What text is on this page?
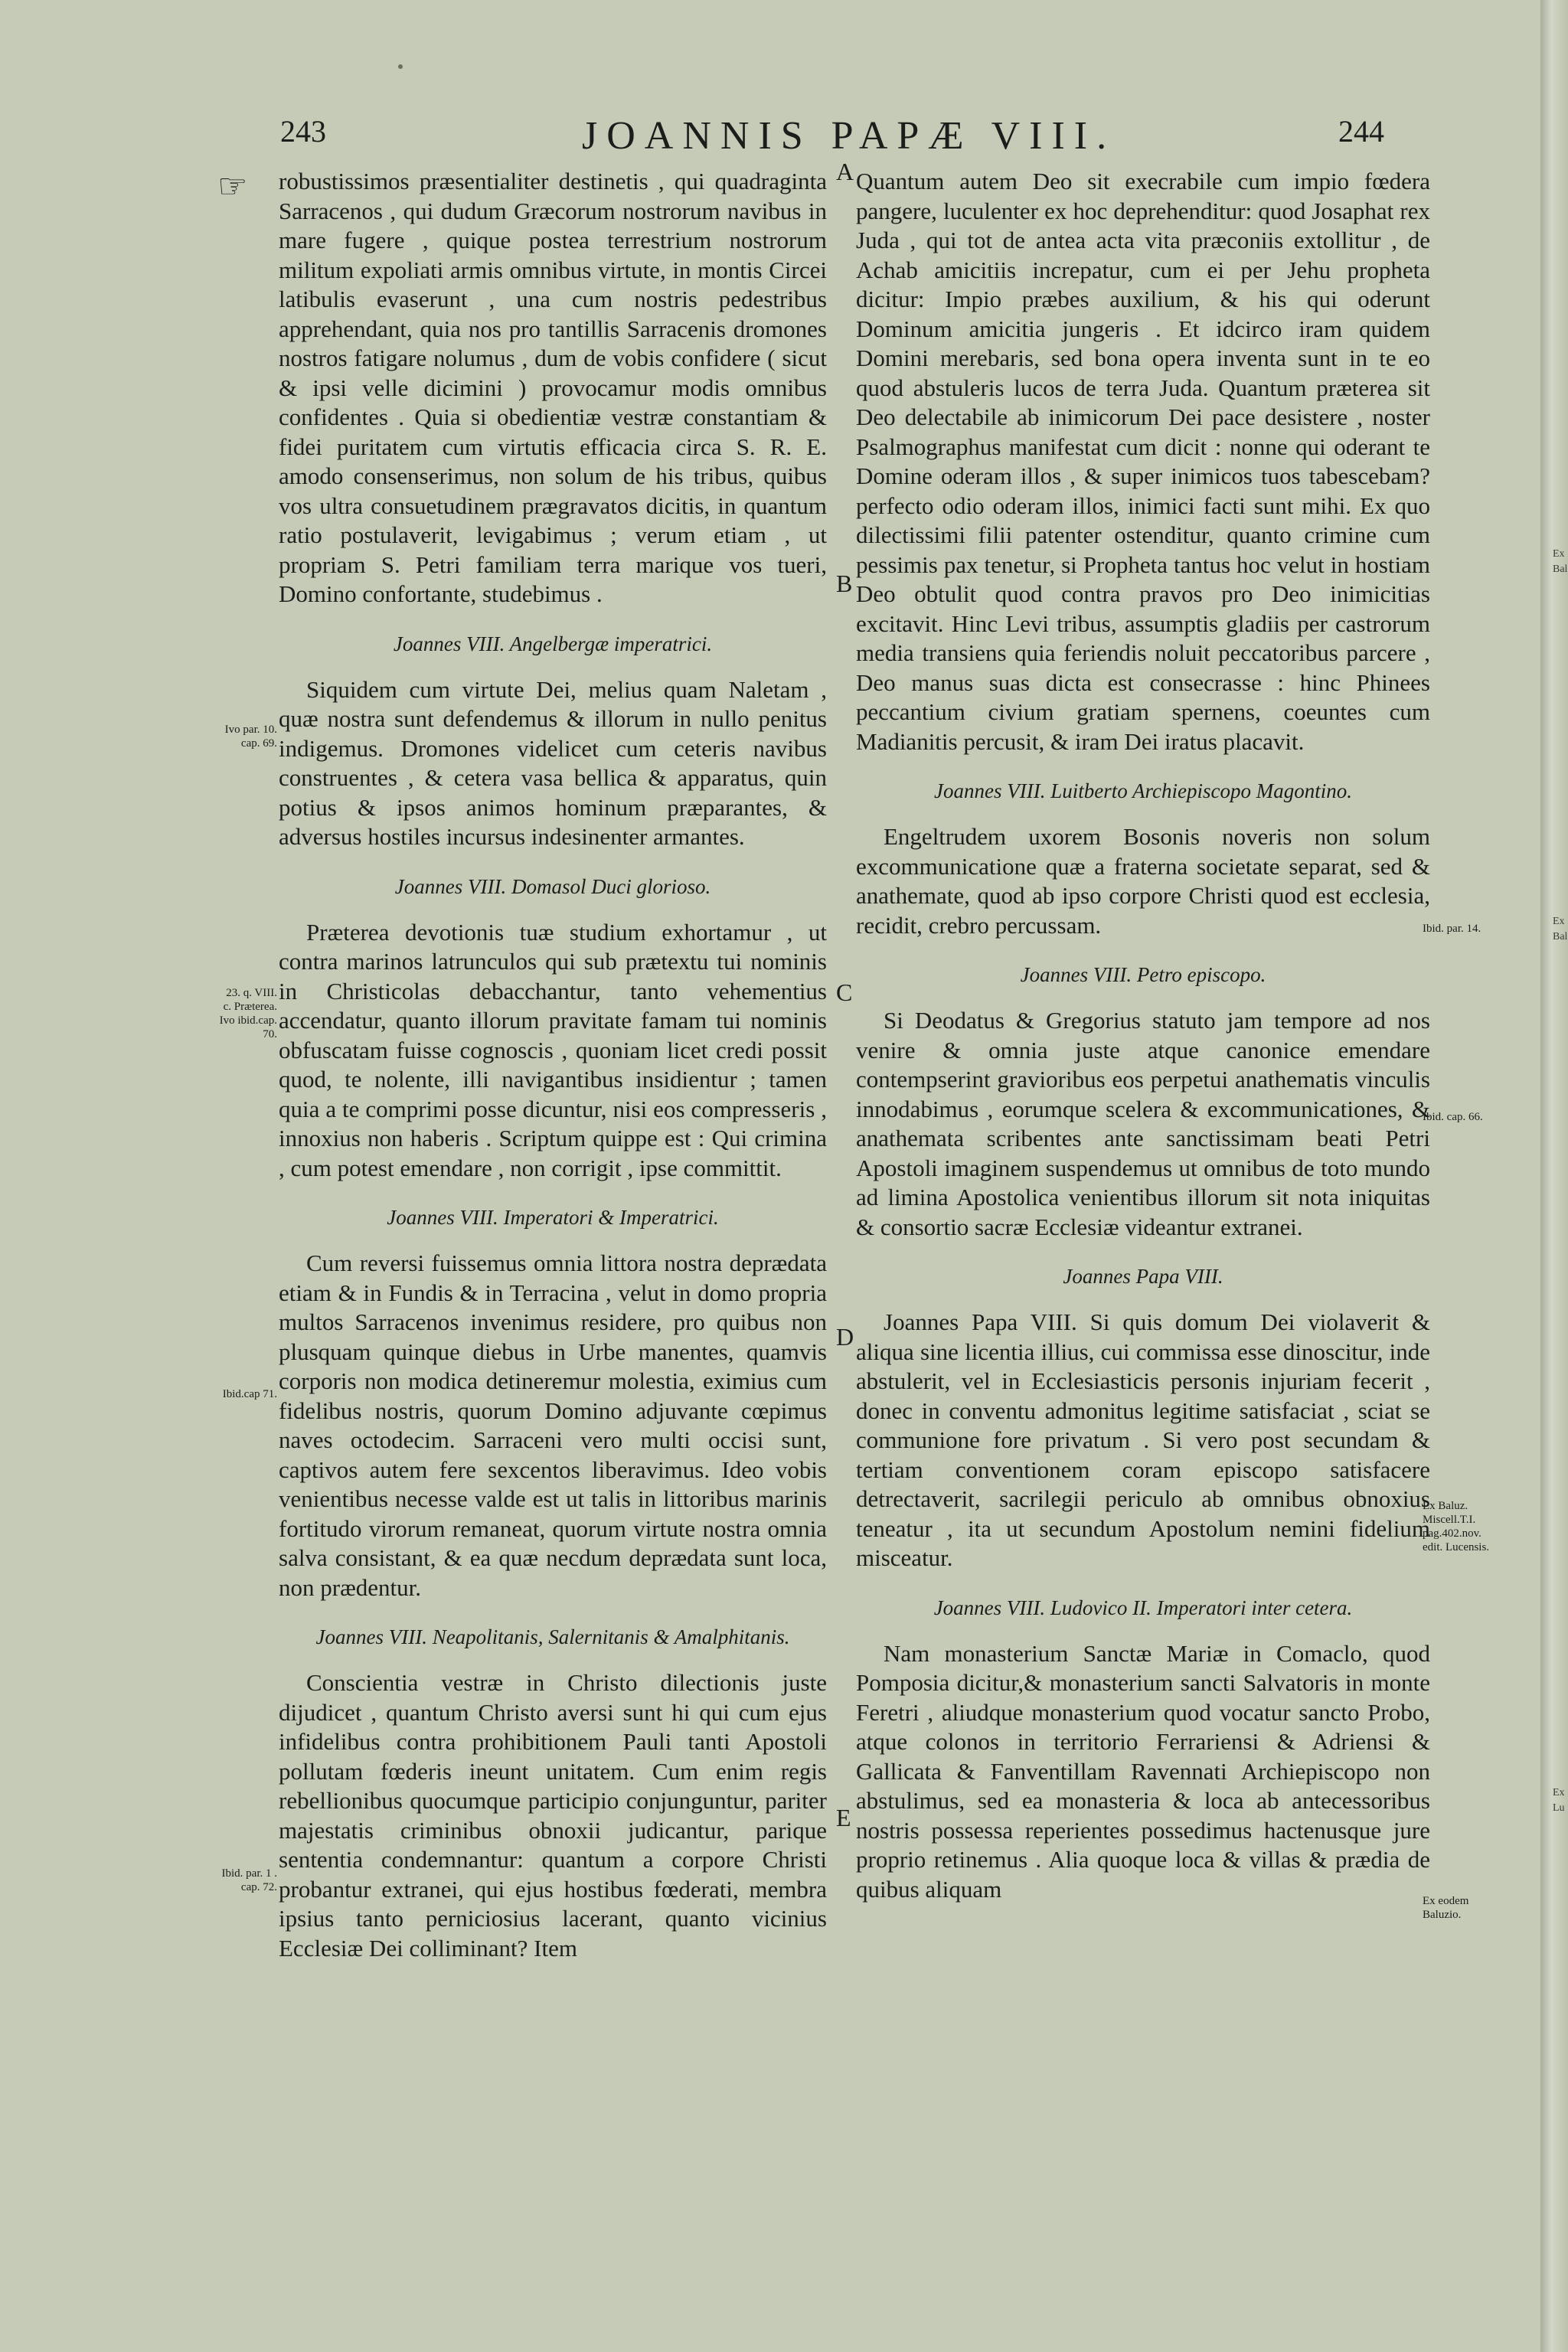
243	JOANNIS PAPÆ VIII.	244
☞ robustissimos præsentialiter destinetis , qui quadraginta Sarracenos , qui dudum Græcorum nostrorum navibus in mare fugere , quique postea terrestrium nostrorum militum expoliati armis omnibus virtute, in montis Circei latibulis evaserunt , una cum nostris pedestribus apprehendant, quia nos pro tantillis Sarracenis dromones nostros fatigare nolumus , dum de vobis confidere ( sicut & ipsi velle dicimini ) provocamur modis omnibus confidentes . Quia si obedientiæ vestræ constantiam & fidei puritatem cum virtutis efficacia circa S. R. E. amodo consenserimus, non solum de his tribus, quibus vos ultra consuetudinem prægravatos dicitis, in quantum ratio postulaverit, levigabimus ; verum etiam , ut propriam S. Petri familiam terra marique vos tueri, Domino confortante, studebimus .

Joannes VIII. Angelbergæ imperatrici.

Siquidem cum virtute Dei, melius quam Naletam , quæ nostra sunt defendemus & illorum in nullo penitus indigemus. Dromones videlicet cum ceteris navibus construentes , & cetera vasa bellica & apparatus, quin potius & ipsos animos hominum præparantes, & adversus hostiles incursus indesinenter armantes.

Joannes VIII. Domasol Duci glorioso.

Præterea devotionis tuæ studium exhortamur , ut contra marinos latrunculos qui sub prætextu tui nominis in Christicolas debacchantur, tanto vehementius accendatur, quanto illorum pravitate famam tui nominis obfuscatam fuisse cognoscis , quoniam licet credi possit quod, te nolente, illi navigantibus insidientur ; tamen quia a te comprimi posse dicuntur, nisi eos compresseris , innoxius non haberis . Scriptum quippe est : Qui crimina , cum potest emendare , non corrigit , ipse committit.

Joannes VIII. Imperatori & Imperatrici.

Cum reversi fuissemus omnia littora nostra deprædata etiam & in Fundis & in Terracina , velut in domo propria multos Sarracenos invenimus residere, pro quibus non plusquam quinque diebus in Urbe manentes, quamvis corporis non modica detineremur molestia, eximius cum fidelibus nostris, quorum Domino adjuvante cœpimus naves octodecim. Sarraceni vero multi occisi sunt, captivos autem fere sexcentos liberavimus. Ideo vobis venientibus necesse valde est ut talis in littoribus marinis fortitudo virorum remaneat, quorum virtute nostra omnia salva consistant, & ea quæ necdum deprædata sunt loca, non prædentur.

Joannes VIII. Neapolitanis, Salernitanis & Amalphitanis.

Conscientia vestræ in Christo dilectionis juste dijudicet , quantum Christo aversi sunt hi qui cum ejus infidelibus contra prohibitionem Pauli tanti Apostoli pollutam fœderis ineunt unitatem. Cum enim regis rebellionibus quocumque participio conjunguntur, pariter majestatis criminibus obnoxii judicantur, parique sententia condemnantur: quantum a corpore Christi probantur extranei, qui ejus hostibus fœderati, membra ipsius tanto perniciosius lacerant, quanto vicinius Ecclesiæ Dei colliminant? Item

A
B
C
D
E

Quantum autem Deo sit execrabile cum impio fœdera pangere, luculenter ex hoc deprehenditur: quod Josaphat rex Juda , qui tot de antea acta vita præconiis extollitur , de Achab amicitiis increpatur, cum ei per Jehu propheta dicitur: Impio præbes auxilium, & his qui oderunt Dominum amicitia jungeris . Et idcirco iram quidem Domini merebaris, sed bona opera inventa sunt in te eo quod abstuleris lucos de terra Juda. Quantum præterea sit Deo delectabile ab inimicorum Dei pace desistere , noster Psalmographus manifestat cum dicit : nonne qui oderant te Domine oderam illos , & super inimicos tuos tabescebam? perfecto odio oderam illos, inimici facti sunt mihi. Ex quo dilectissimi filii patenter ostenditur, quanto crimine cum pessimis pax tenetur, si Propheta tantus hoc velut in hostiam Deo obtulit quod contra pravos pro Deo inimicitias excitavit. Hinc Levi tribus, assumptis gladiis per castrorum media transiens quia feriendis noluit peccatoribus parcere , Deo manus suas dicta est consecrasse : hinc Phinees peccantium civium gratiam spernens, coeuntes cum Madianitis percusit, & iram Dei iratus placavit.

Joannes VIII. Luitberto Archiepiscopo Magontino.

Engeltrudem uxorem Bosonis noveris non solum excommunicatione quæ a fraterna societate separat, sed & anathemate, quod ab ipso corpore Christi quod est ecclesia, recidit, crebro percussam.

Joannes VIII. Petro episcopo.

Si Deodatus & Gregorius statuto jam tempore ad nos venire & omnia juste atque canonice emendare contempserint gravioribus eos perpetui anathematis vinculis innodabimus , eorumque scelera & excommunicationes, & anathemata scribentes ante sanctissimam beati Petri Apostoli imaginem suspendemus ut omnibus de toto mundo ad limina Apostolica venientibus illorum sit nota iniquitas & consortio sacræ Ecclesiæ videantur extranei.

Joannes Papa VIII.

Joannes Papa VIII. Si quis domum Dei violaverit & aliqua sine licentia illius, cui commissa esse dinoscitur, inde abstulerit, vel in Ecclesiasticis personis injuriam fecerit , donec in conventu admonitus legitime satisfaciat , sciat se communione fore privatum . Si vero post secundam & tertiam conventionem coram episcopo satisfacere detrectaverit, sacrilegii periculo ab omnibus obnoxius teneatur , ita ut secundum Apostolum nemini fidelium misceatur.

Joannes VIII. Ludovico II. Imperatori inter cetera.

Nam monasterium Sanctæ Mariæ in Comaclo, quod Pomposia dicitur,& monasterium sancti Salvatoris in monte Feretri , aliudque monasterium quod vocatur sancto Probo, atque colonos in territorio Ferrariensi & Adriensi & Gallicata & Fanventillam Ravennati Archiepiscopo non abstulimus, sed ea monasteria & loca ab antecessoribus nostris possessa reperientes possedimus hactenusque jure proprio retinemus . Alia quoque loca & villas & prædia de quibus aliquam

Ivo par. 10.
cap. 69.
23. q. VIII.
c. Præterea.
Ivo ibid.cap.
70.
Ibid.cap 71.
Ibid. par. 1 .
cap. 72.
Ibid. par. 14.
Ibid. cap. 66.
Ex Baluz.
Miscell.T.I.
pag.402.nov.
edit. Lucensis.
Ex eodem
Baluzio.
Ex
Bal
Ex
Bal
Ex
Lu
